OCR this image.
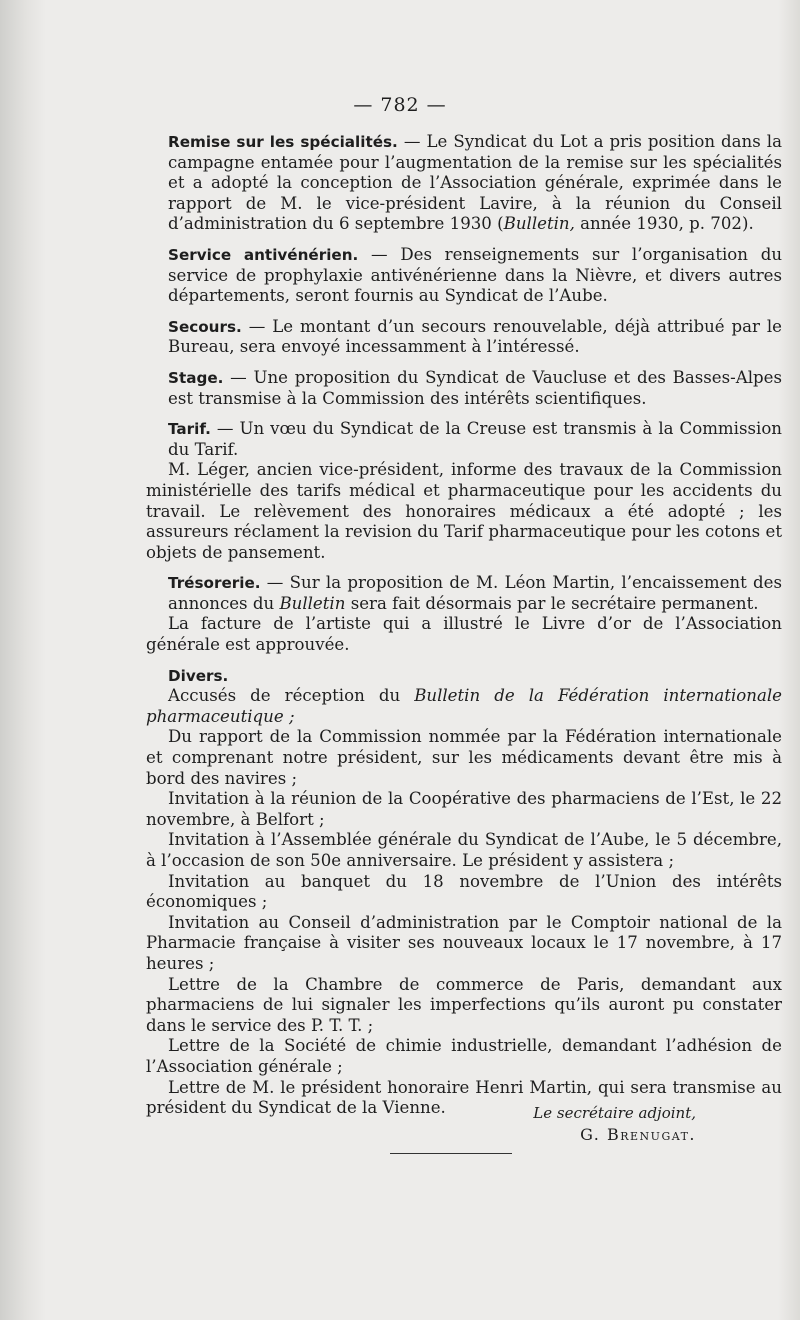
— 782 —

Remise sur les spécialités. — Le Syndicat du Lot a pris position dans la campagne entamée pour l’augmentation de la remise sur les spécialités et a adopté la conception de l’Association générale, exprimée dans le rapport de M. le vice-président Lavire, à la réunion du Conseil d’administration du 6 septembre 1930 (Bulletin, année 1930, p. 702).

Service antivénérien. — Des renseignements sur l’organisation du service de prophylaxie antivénérienne dans la Nièvre, et divers autres départements, seront fournis au Syndicat de l’Aube.

Secours. — Le montant d’un secours renouvelable, déjà attribué par le Bureau, sera envoyé incessamment à l’intéressé.

Stage. — Une proposition du Syndicat de Vaucluse et des Basses-Alpes est transmise à la Commission des intérêts scientifiques.

Tarif. — Un vœu du Syndicat de la Creuse est transmis à la Commission du Tarif.

M. Léger, ancien vice-président, informe des travaux de la Commission ministérielle des tarifs médical et pharmaceutique pour les accidents du travail. Le relèvement des honoraires médicaux a été adopté ; les assureurs réclament la revision du Tarif pharmaceutique pour les cotons et objets de pansement.

Trésorerie. — Sur la proposition de M. Léon Martin, l’encaissement des annonces du Bulletin sera fait désormais par le secrétaire permanent.

La facture de l’artiste qui a illustré le Livre d’or de l’Association générale est approuvée.

Divers.

Accusés de réception du Bulletin de la Fédération internationale pharmaceutique ;

Du rapport de la Commission nommée par la Fédération internationale et comprenant notre président, sur les médicaments devant être mis à bord des navires ;

Invitation à la réunion de la Coopérative des pharmaciens de l’Est, le 22 novembre, à Belfort ;

Invitation à l’Assemblée générale du Syndicat de l’Aube, le 5 décembre, à l’occasion de son 50e anniversaire. Le président y assistera ;

Invitation au banquet du 18 novembre de l’Union des intérêts économiques ;

Invitation au Conseil d’administration par le Comptoir national de la Pharmacie française à visiter ses nouveaux locaux le 17 novembre, à 17 heures ;

Lettre de la Chambre de commerce de Paris, demandant aux pharmaciens de lui signaler les imperfections qu’ils auront pu constater dans le service des P. T. T. ;

Lettre de la Société de chimie industrielle, demandant l’adhésion de l’Association générale ;

Lettre de M. le président honoraire Henri Martin, qui sera transmise au président du Syndicat de la Vienne.	Le secrétaire adjoint,
G. Brenugat.
